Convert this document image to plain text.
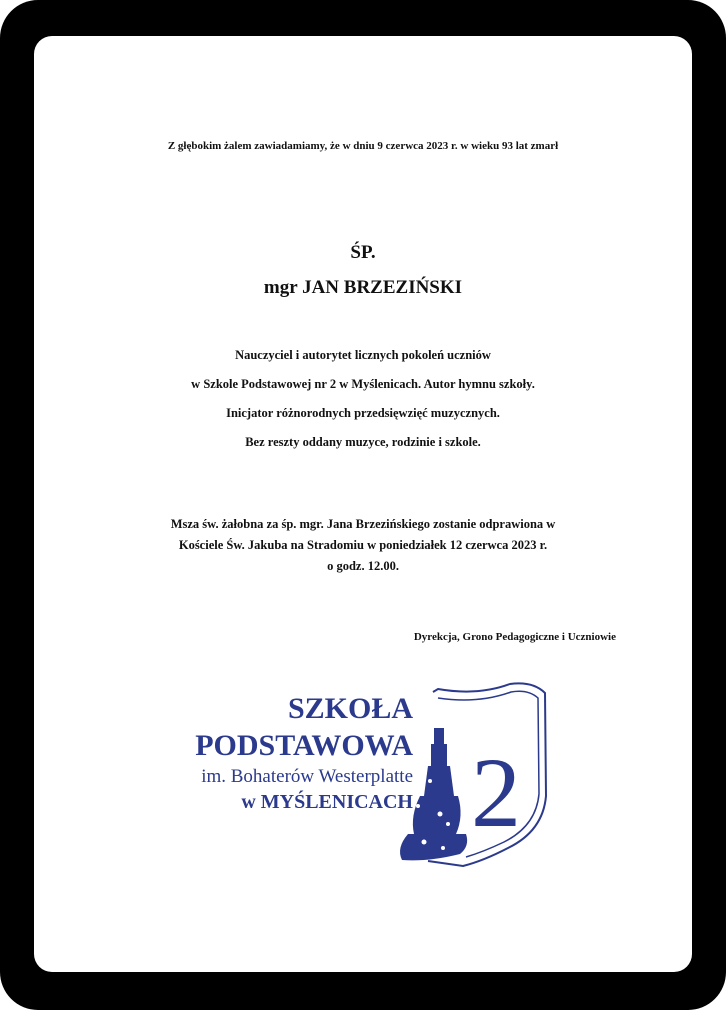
Z głębokim żalem zawiadamiamy, że w dniu 9 czerwca 2023 r. w wieku 93 lat zmarł
ŚP.
mgr JAN BRZEZIŃSKI
Nauczyciel i autorytet licznych pokoleń uczniów
w Szkole Podstawowej nr 2 w Myślenicach. Autor hymnu szkoły.
Inicjator różnorodnych przedsięwzięć muzycznych.
Bez reszty oddany muzyce, rodzinie i szkole.
Msza św. żałobna za śp. mgr. Jana Brzezińskiego zostanie odprawiona w
Kościele Św. Jakuba na Stradomiu w poniedziałek 12 czerwca 2023 r.
o godz. 12.00.
Dyrekcja, Grono Pedagogiczne i Uczniowie
SZKOŁA
PODSTAWOWA
im. Bohaterów Westerplatte
w MYŚLENICACH 2
